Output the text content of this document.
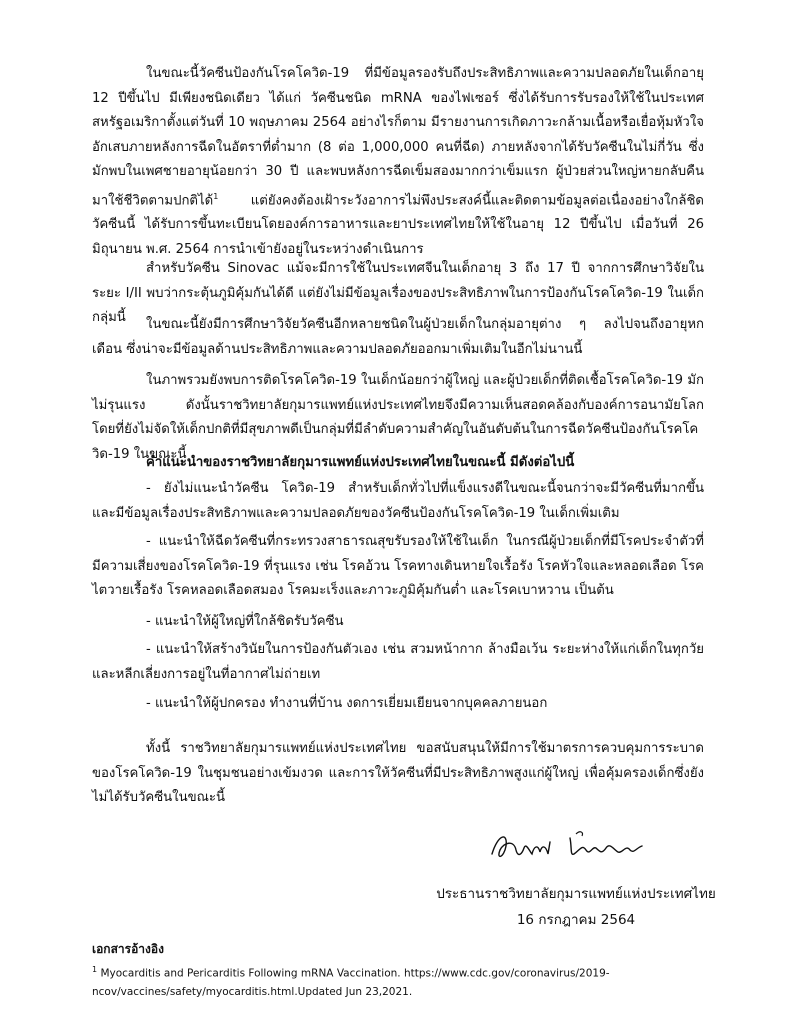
ในขณะนี้วัคซีนป้องกันโรคโควิด-19 ที่มีข้อมูลรองรับถึงประสิทธิภาพและความปลอดภัยในเด็กอายุ 12 ปีขึ้นไป มีเพียงชนิดเดียว ได้แก่ วัคซีนชนิด mRNA ของไฟเซอร์ ซึ่งได้รับการรับรองให้ใช้ในประเทศสหรัฐอเมริกาตั้งแต่วันที่ 10 พฤษภาคม 2564 อย่างไรก็ตาม มีรายงานการเกิดภาวะกล้ามเนื้อหรือเยื่อหุ้มหัวใจอักเสบภายหลังการฉีดในอัตราที่ต่ำมาก (8 ต่อ 1,000,000 คนที่ฉีด) ภายหลังจากได้รับวัคซีนในไม่กี่วัน ซึ่งมักพบในเพศชายอายุน้อยกว่า 30 ปี และพบหลังการฉีดเข็มสองมากกว่าเข็มแรก ผู้ป่วยส่วนใหญ่หายกลับคืนมาใช้ชีวิตตามปกติได้$^1$ แต่ยังคงต้องเฝ้าระวังอาการไม่พึงประสงค์นี้และติดตามข้อมูลต่อเนื่องอย่างใกล้ชิด วัคซีนนี้ ได้รับการขึ้นทะเบียนโดยองค์การอาหารและยาประเทศไทยให้ใช้ในอายุ 12 ปีขึ้นไป เมื่อวันที่ 26 มิถุนายน พ.ศ. 2564 การนำเข้ายังอยู่ในระหว่างดำเนินการ

สำหรับวัคซีน Sinovac แม้จะมีการใช้ในประเทศจีนในเด็กอายุ 3 ถึง 17 ปี จากการศึกษาวิจัยในระยะ I/II พบว่ากระตุ้นภูมิคุ้มกันได้ดี แต่ยังไม่มีข้อมูลเรื่องของประสิทธิภาพในการป้องกันโรคโควิด-19 ในเด็กกลุ่มนี้	ในขณะนี้ยังมีการศึกษาวิจัยวัคซีนอีกหลายชนิดในผู้ป่วยเด็กในกลุ่มอายุต่าง ๆ ลงไปจนถึงอายุหกเดือน ซึ่งน่าจะมีข้อมูลด้านประสิทธิภาพและความปลอดภัยออกมาเพิ่มเติมในอีกไม่นานนี้

ในภาพรวมยังพบการติดโรคโควิด-19 ในเด็กน้อยกว่าผู้ใหญ่ และผู้ป่วยเด็กที่ติดเชื้อโรคโควิด-19 มักไม่รุนแรง ดังนั้นราชวิทยาลัยกุมารแพทย์แห่งประเทศไทยจึงมีความเห็นสอดคล้องกับองค์การอนามัยโลก โดยที่ยังไม่จัดให้เด็กปกติที่มีสุขภาพดีเป็นกลุ่มที่มีลำดับความสำคัญในอันดับต้นในการฉีดวัคซีนป้องกันโรคโควิด-19 ในขณะนี้

คำแนะนำของราชวิทยาลัยกุมารแพทย์แห่งประเทศไทยในขณะนี้ มีดังต่อไปนี้

- ยังไม่แนะนำวัคซีน โควิด-19 สำหรับเด็กทั่วไปที่แข็งแรงดีในขณะนี้จนกว่าจะมีวัคซีนที่มากขึ้น และมีข้อมูลเรื่องประสิทธิภาพและความปลอดภัยของวัคซีนป้องกันโรคโควิด-19 ในเด็กเพิ่มเติม

- แนะนำให้ฉีดวัคซีนที่กระทรวงสาธารณสุขรับรองให้ใช้ในเด็ก ในกรณีผู้ป่วยเด็กที่มีโรคประจำตัวที่มีความเสี่ยงของโรคโควิด-19 ที่รุนแรง เช่น โรคอ้วน โรคทางเดินหายใจเรื้อรัง โรคหัวใจและหลอดเลือด โรคไตวายเรื้อรัง โรคหลอดเลือดสมอง โรคมะเร็งและภาวะภูมิคุ้มกันต่ำ และโรคเบาหวาน เป็นต้น

- แนะนำให้ผู้ใหญ่ที่ใกล้ชิดรับวัคซีน

- แนะนำให้สร้างวินัยในการป้องกันตัวเอง เช่น สวมหน้ากาก ล้างมือเว้น ระยะห่างให้แก่เด็กในทุกวัยและหลีกเลี่ยงการอยู่ในที่อากาศไม่ถ่ายเท

- แนะนำให้ผู้ปกครอง ทำงานที่บ้าน งดการเยี่ยมเยียนจากบุคคลภายนอก

ทั้งนี้ ราชวิทยาลัยกุมารแพทย์แห่งประเทศไทย ขอสนับสนุนให้มีการใช้มาตรการควบคุมการระบาดของโรคโควิด-19 ในชุมชนอย่างเข้มงวด และการให้วัคซีนที่มีประสิทธิภาพสูงแก่ผู้ใหญ่ เพื่อคุ้มครองเด็กซึ่งยังไม่ได้รับวัคซีนในขณะนี้

ประธานราชวิทยาลัยกุมารแพทย์แห่งประเทศไทย
16 กรกฎาคม 2564
เอกสารอ้างอิง
$^1$ Myocarditis and Pericarditis Following mRNA Vaccination. https://www.cdc.gov/coronavirus/2019-ncov/vaccines/safety/myocarditis.html.Updated Jun 23,2021.
